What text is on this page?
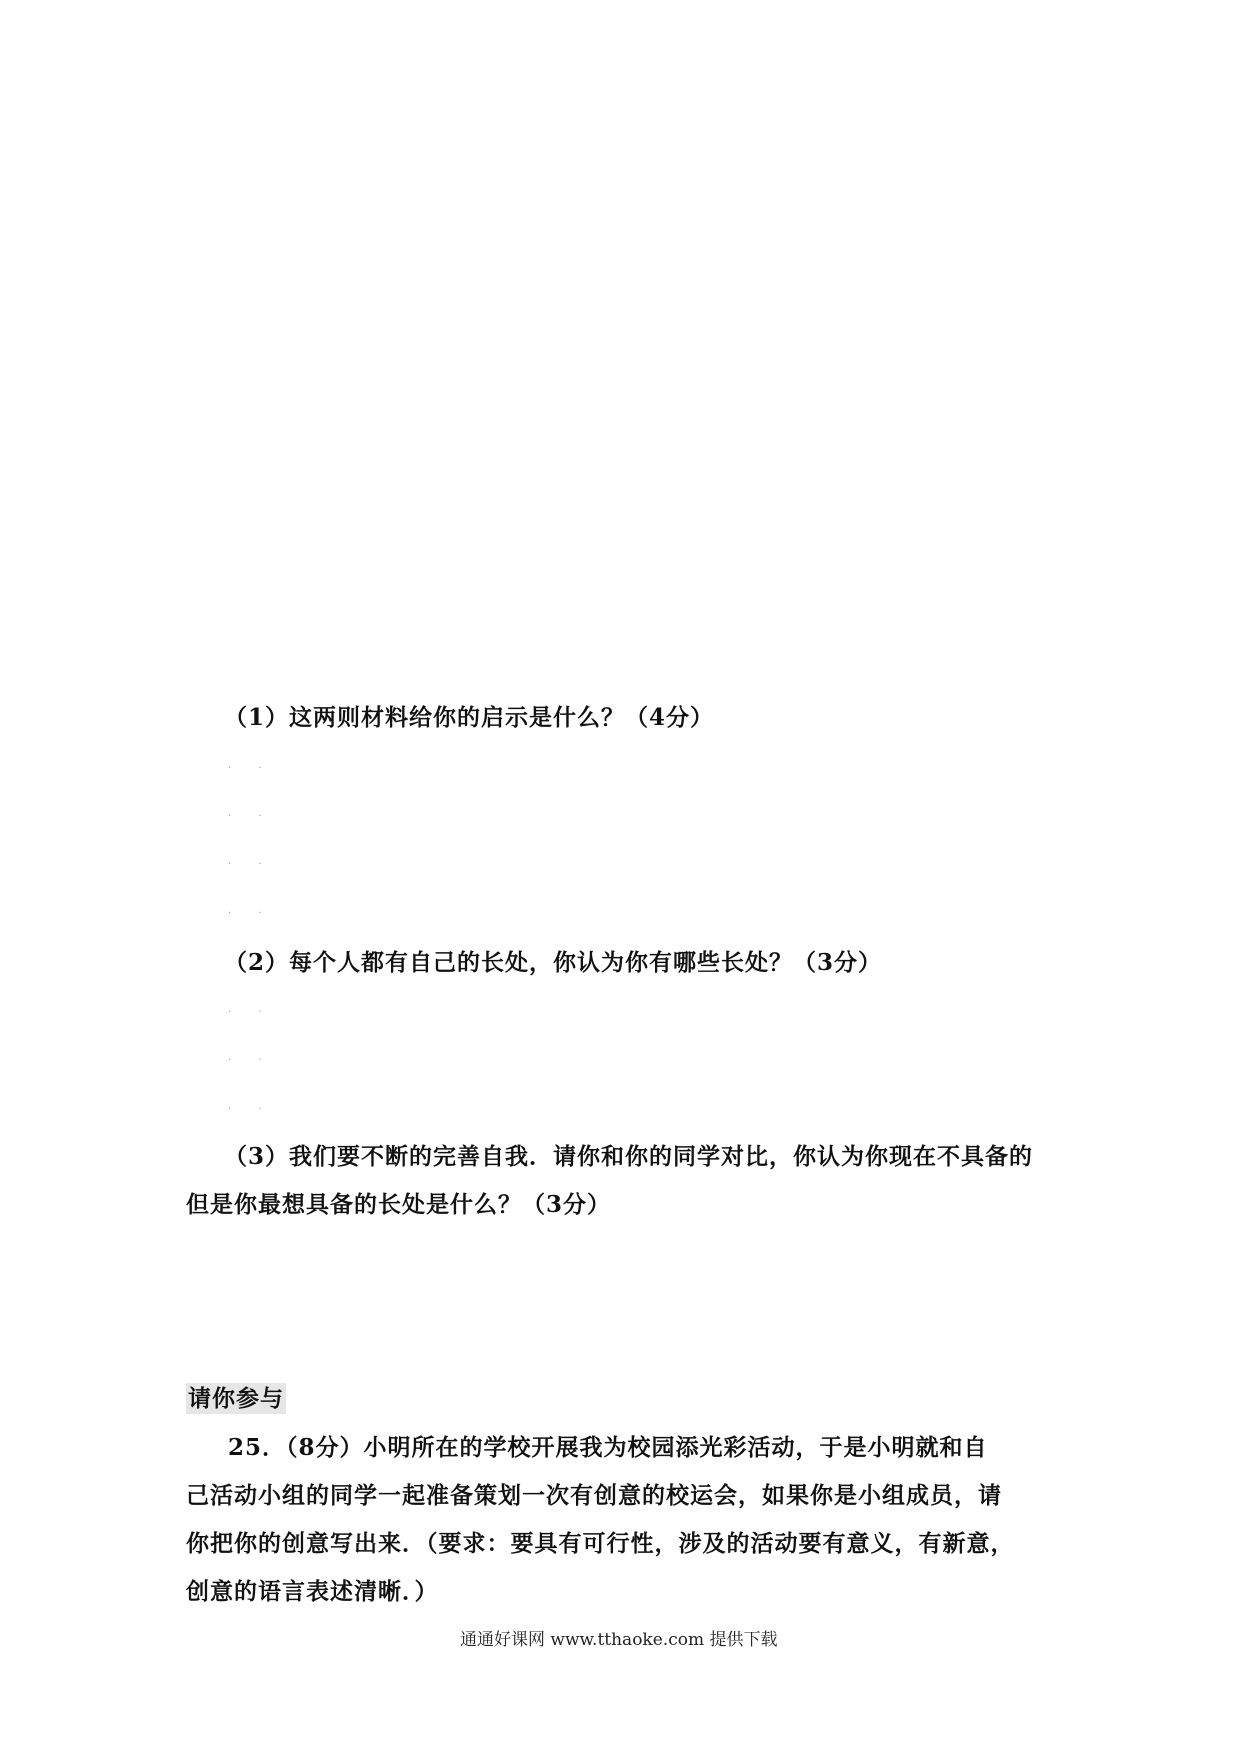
（1）这两则材料给你的启示是什么？（4分）
. .
. .
. .
. .
（2）每个人都有自己的长处，你认为你有哪些长处？（3分）
. .
. .
. .
（3）我们要不断的完善自我．请你和你的同学对比，你认为你现在不具备的
但是你最想具备的长处是什么？（3分）
请你参与
25．（8分）小明所在的学校开展我为校园添光彩活动，于是小明就和自
己活动小组的同学一起准备策划一次有创意的校运会，如果你是小组成员，请
你把你的创意写出来．（要求：要具有可行性，涉及的活动要有意义，有新意，
创意的语言表述清晰．）
通通好课网 www.tthaoke.com 提供下载
